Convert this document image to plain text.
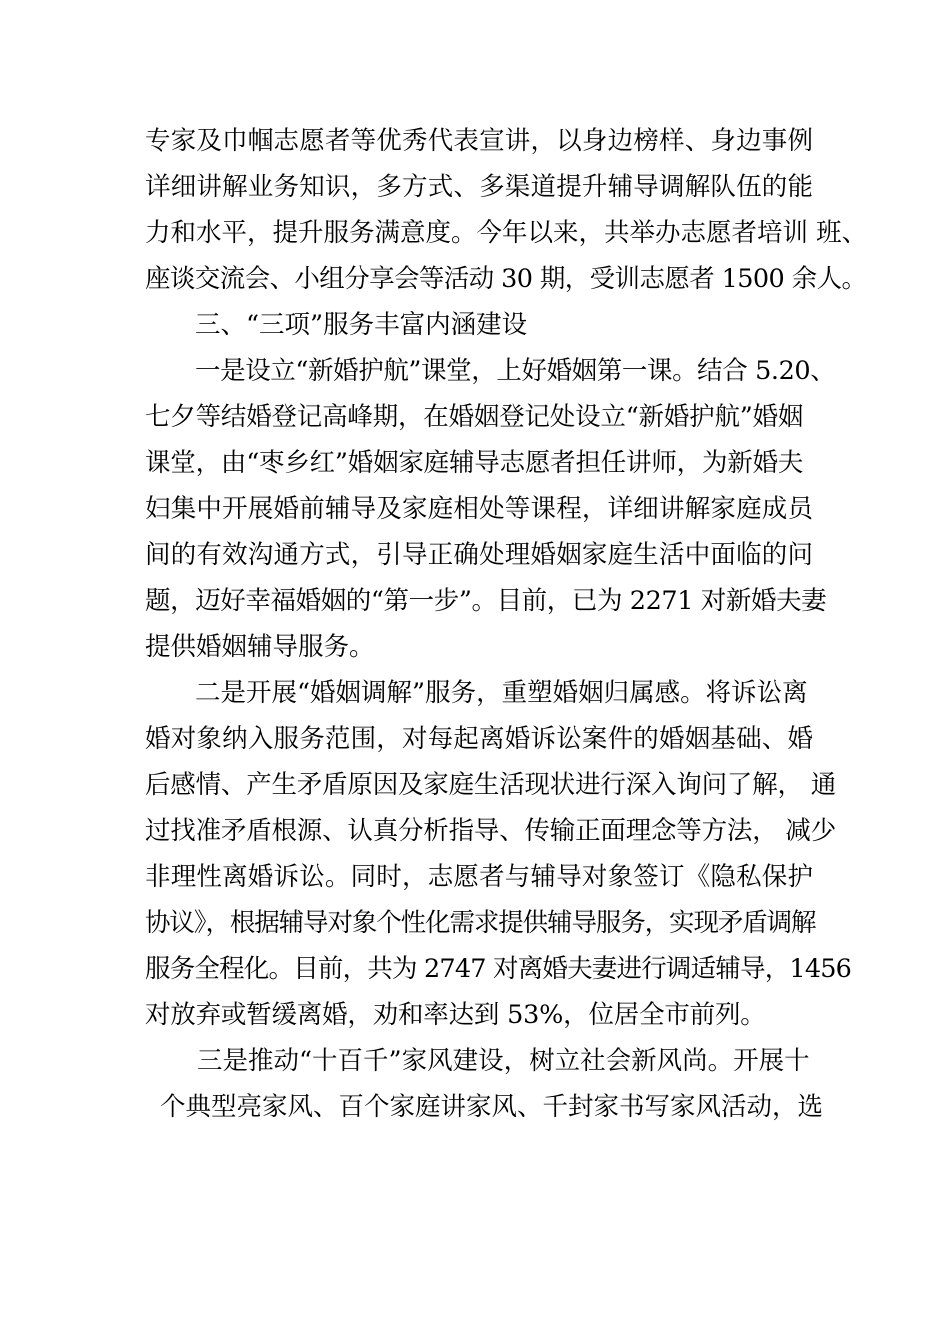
专家及巾帼志愿者等优秀代表宣讲，以身边榜样、身边事例
详细讲解业务知识，多方式、多渠道提升辅导调解队伍的能
力和水平，提升服务满意度。今年以来，共举办志愿者培训 班、
座谈交流会、小组分享会等活动 30 期，受训志愿者 1500 余人。
三、“三项”服务丰富内涵建设
一是设立“新婚护航”课堂，上好婚姻第一课。结合 5.20、
七夕等结婚登记高峰期，在婚姻登记处设立“新婚护航”婚姻
课堂，由“枣乡红”婚姻家庭辅导志愿者担任讲师，为新婚夫
妇集中开展婚前辅导及家庭相处等课程，详细讲解家庭成员
间的有效沟通方式，引导正确处理婚姻家庭生活中面临的问
题，迈好幸福婚姻的“第一步”。目前，已为 2271 对新婚夫妻
提供婚姻辅导服务。
二是开展“婚姻调解”服务，重塑婚姻归属感。将诉讼离
婚对象纳入服务范围，对每起离婚诉讼案件的婚姻基础、婚
后感情、产生矛盾原因及家庭生活现状进行深入询问了解， 通
过找准矛盾根源、认真分析指导、传输正面理念等方法， 减少
非理性离婚诉讼。同时，志愿者与辅导对象签订《隐私保护
协议》，根据辅导对象个性化需求提供辅导服务，实现矛盾调解
服务全程化。目前，共为 2747 对离婚夫妻进行调适辅导，1456
对放弃或暂缓离婚，劝和率达到 53%，位居全市前列。
三是推动“十百千”家风建设，树立社会新风尚。开展十
个典型亮家风、百个家庭讲家风、千封家书写家风活动，选
